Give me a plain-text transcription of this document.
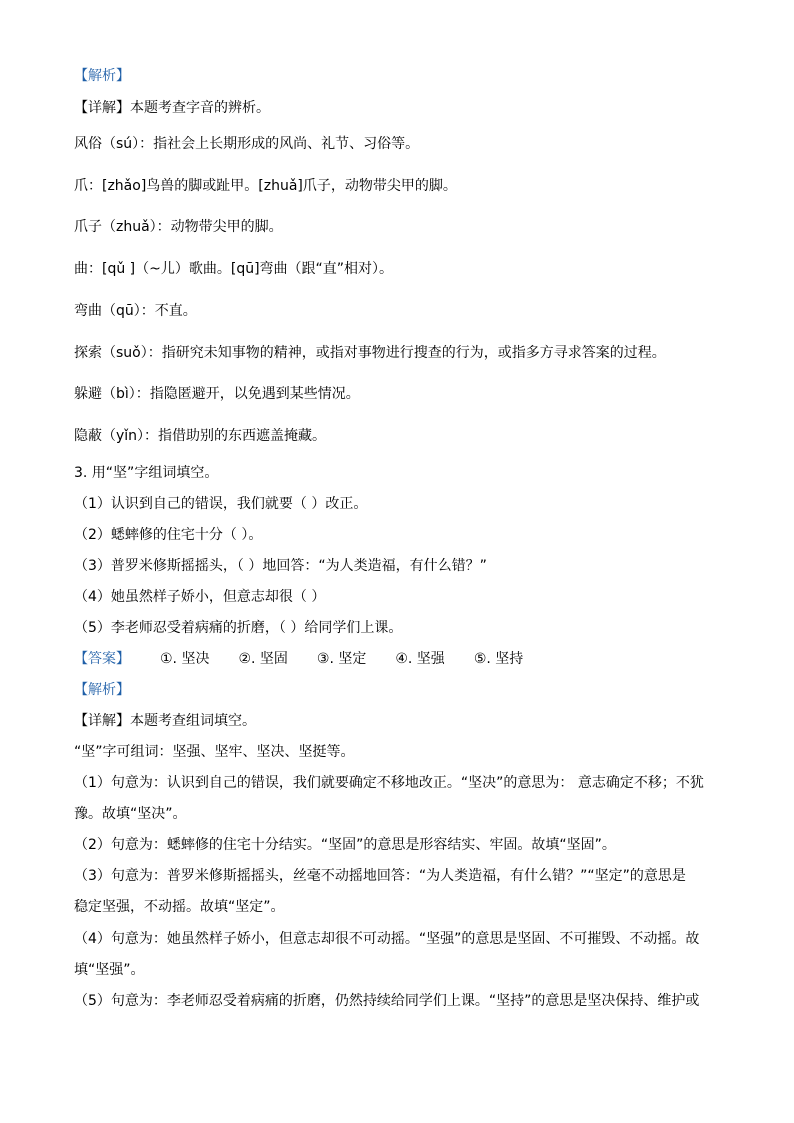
【解析】
【详解】本题考查字音的辨析。
风俗（sú）：指社会上长期形成的风尚、礼节、习俗等。
爪：[zhǎo]鸟兽的脚或趾甲。[zhuǎ]爪子，动物带尖甲的脚。
爪子（zhuǎ）：动物带尖甲的脚。
曲：[qǔ ]（~儿）歌曲。[qū]弯曲（跟“直”相对）。
弯曲（qū）：不直。
探索（suǒ）：指研究未知事物的精神，或指对事物进行搜查的行为，或指多方寻求答案的过程。
躲避（bì）：指隐匿避开，以免遇到某些情况。
隐蔽（yǐn）：指借助别的东西遮盖掩藏。
3. 用“坚”字组词填空。
（1）认识到自己的错误，我们就要（ ）改正。
（2）蟋蟀修的住宅十分（ ）。
（3）普罗米修斯摇摇头，（ ）地回答：“为人类造福，有什么错？”
（4）她虽然样子娇小，但意志却很（ ）
（5）李老师忍受着病痛的折磨，（ ）给同学们上课。
【答案】 ①. 坚决 ②. 坚固 ③. 坚定 ④. 坚强 ⑤. 坚持
【解析】
【详解】本题考查组词填空。
“坚”字可组词：坚强、坚牢、坚决、坚挺等。
（1）句意为：认识到自己的错误，我们就要确定不移地改正。“坚决”的意思为： 意志确定不移；不犹
豫。故填“坚决”。
（2）句意为：蟋蟀修的住宅十分结实。“坚固”的意思是形容结实、牢固。故填“坚固”。
（3）句意为：普罗米修斯摇摇头，丝毫不动摇地回答：“为人类造福，有什么错？”“坚定”的意思是
稳定坚强，不动摇。故填“坚定”。
（4）句意为：她虽然样子娇小，但意志却很不可动摇。“坚强”的意思是坚固、不可摧毁、不动摇。故
填“坚强”。
（5）句意为：李老师忍受着病痛的折磨，仍然持续给同学们上课。“坚持”的意思是坚决保持、维护或
